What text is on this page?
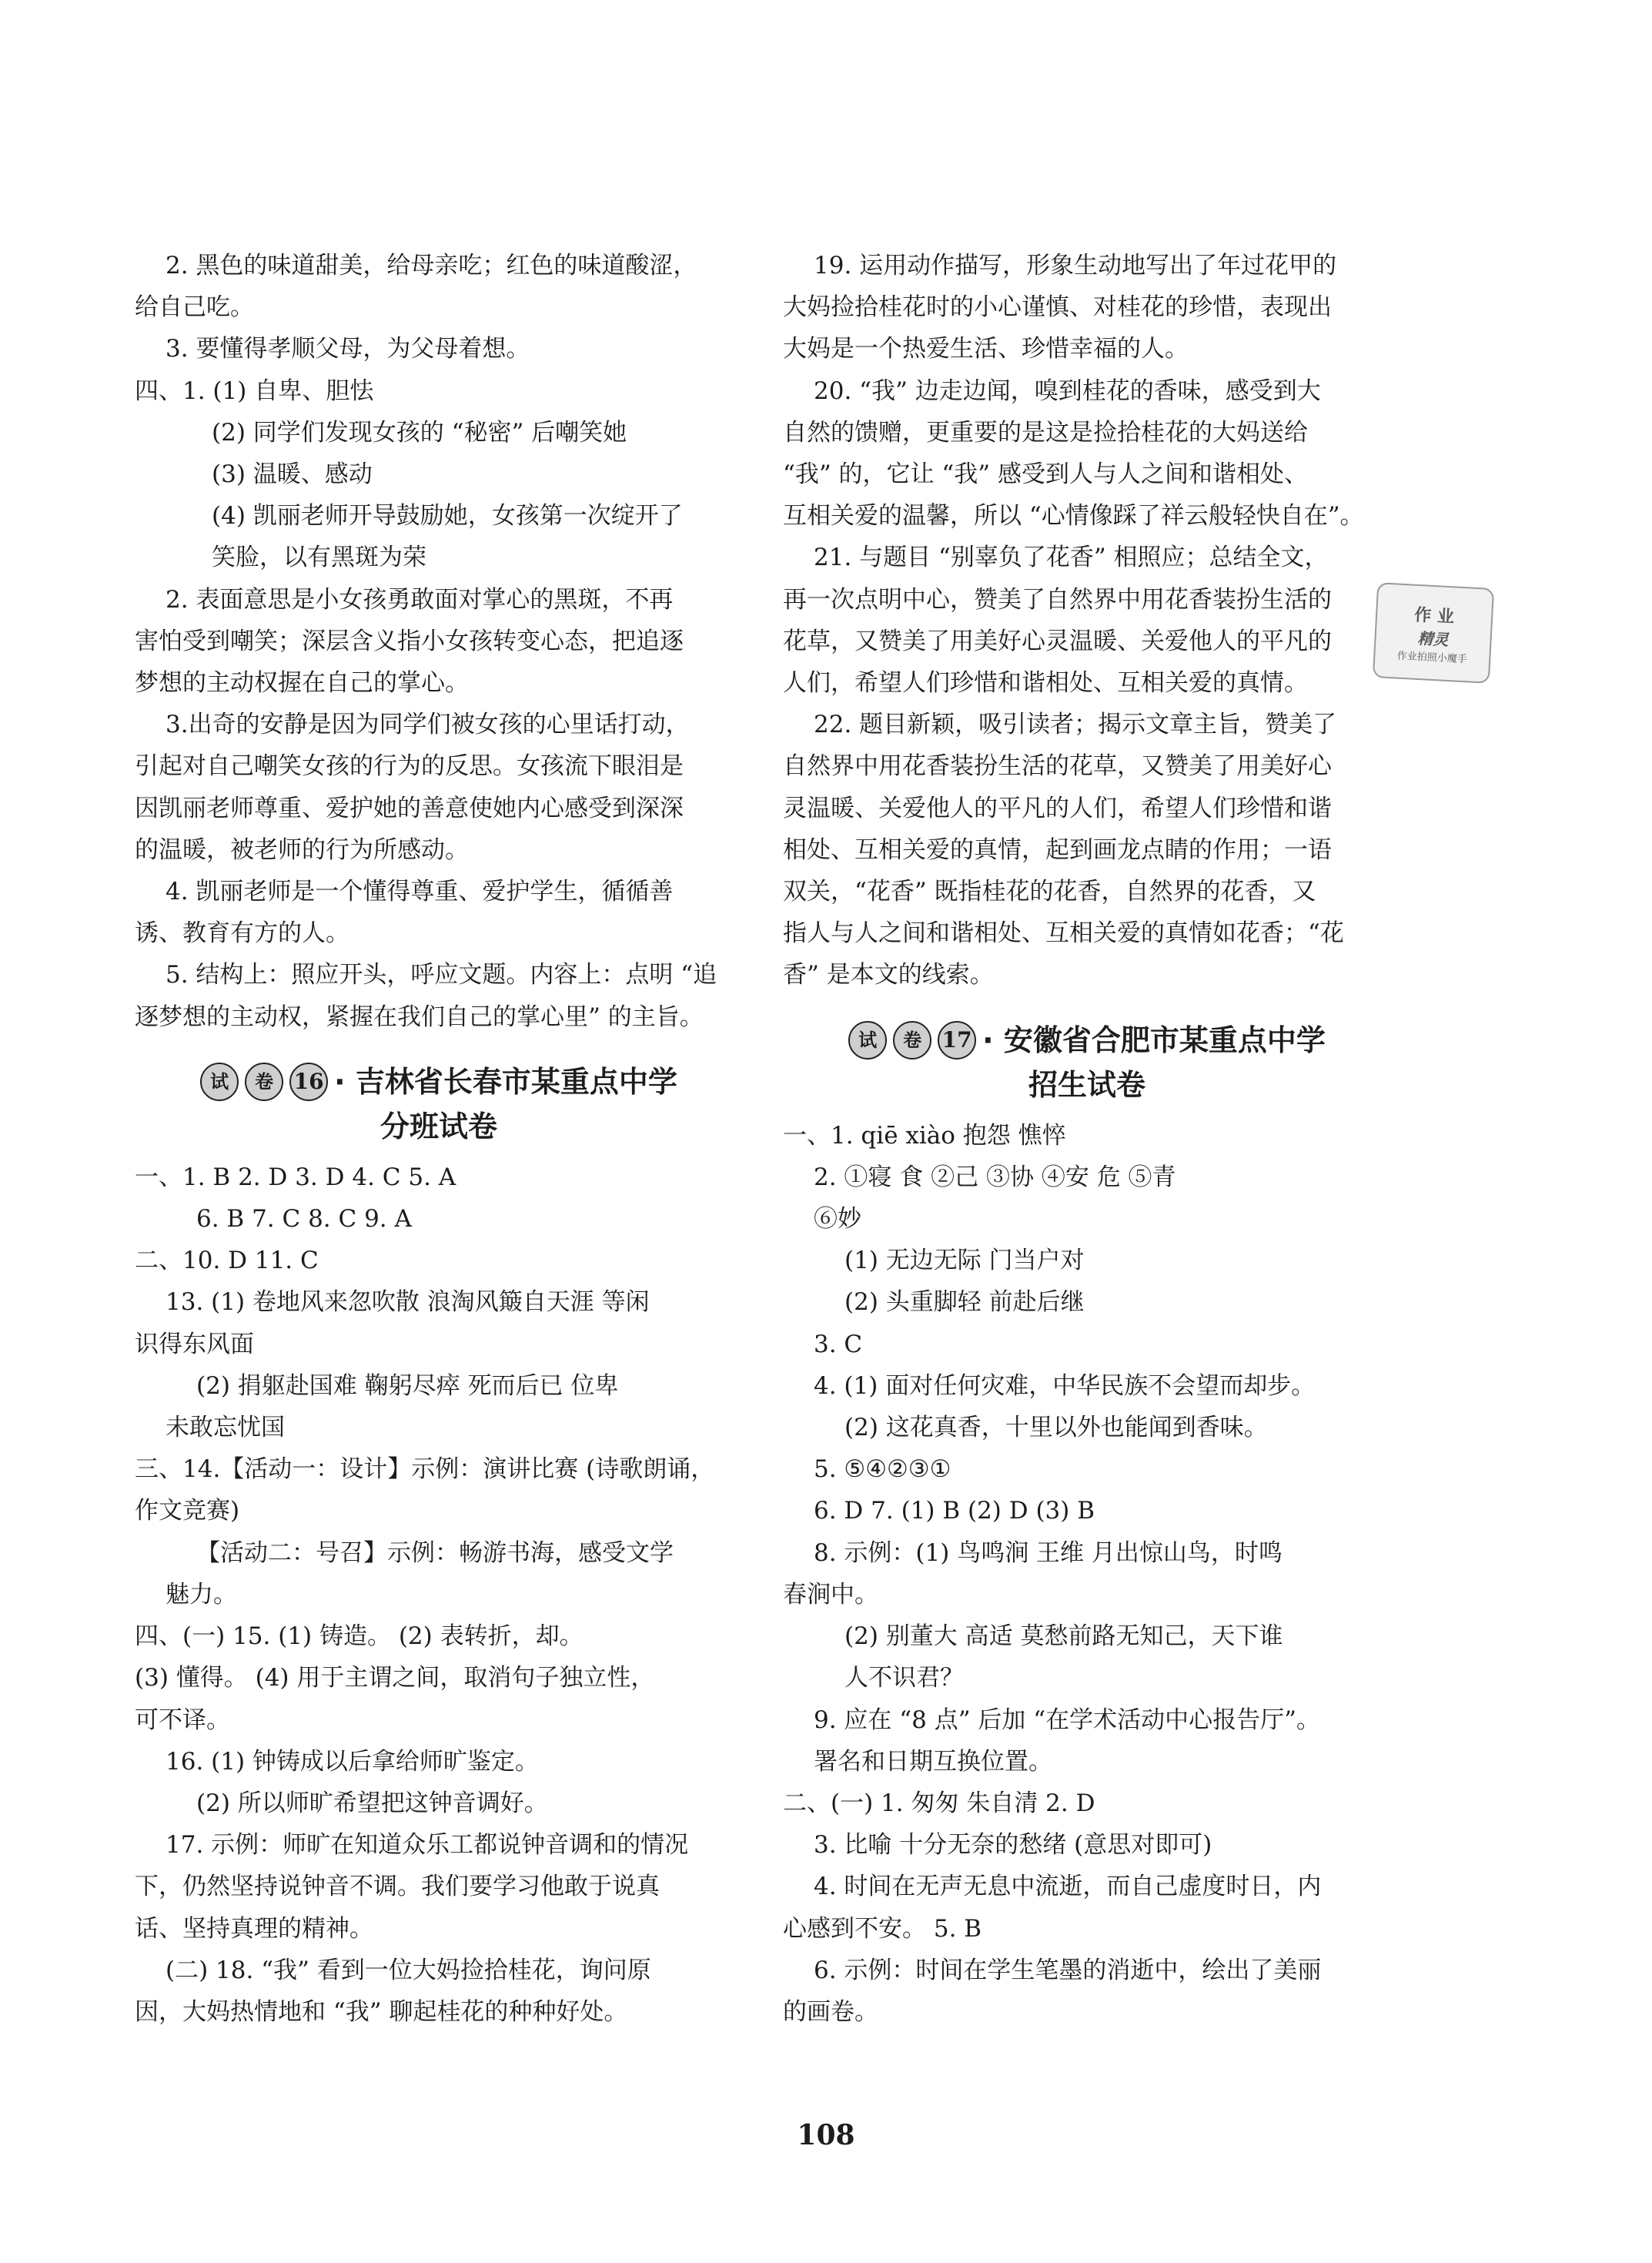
2. 黑色的味道甜美，给母亲吃；红色的味道酸涩，
给自己吃。
3. 要懂得孝顺父母，为父母着想。
四、1. (1) 自卑、胆怯
(2) 同学们发现女孩的 “秘密” 后嘲笑她
(3) 温暖、感动
(4) 凯丽老师开导鼓励她，女孩第一次绽开了
笑脸，以有黑斑为荣
2. 表面意思是小女孩勇敢面对掌心的黑斑，不再
害怕受到嘲笑；深层含义指小女孩转变心态，把追逐
梦想的主动权握在自己的掌心。
3.出奇的安静是因为同学们被女孩的心里话打动，
引起对自己嘲笑女孩的行为的反思。女孩流下眼泪是
因凯丽老师尊重、爱护她的善意使她内心感受到深深
的温暖，被老师的行为所感动。
4. 凯丽老师是一个懂得尊重、爱护学生，循循善
诱、教育有方的人。
5. 结构上：照应开头，呼应文题。内容上：点明 “追
逐梦想的主动权，紧握在我们自己的掌心里” 的主旨。
试	卷 16 · 吉林省长春市某重点中学
分班试卷
一、1. B 2. D 3. D 4. C 5. A
6. B 7. C 8. C 9. A
二、10. D 11. C
13. (1) 卷地风来忽吹散 浪淘风簸自天涯 等闲
识得东风面
(2) 捐躯赴国难 鞠躬尽瘁 死而后已 位卑
未敢忘忧国
三、14.【活动一：设计】示例：演讲比赛 (诗歌朗诵，
作文竞赛)
【活动二：号召】示例：畅游书海，感受文学
魅力。
四、(一) 15. (1) 铸造。 (2) 表转折，却。
(3) 懂得。 (4) 用于主谓之间，取消句子独立性，
可不译。
16. (1) 钟铸成以后拿给师旷鉴定。
(2) 所以师旷希望把这钟音调好。
17. 示例：师旷在知道众乐工都说钟音调和的情况
下，仍然坚持说钟音不调。我们要学习他敢于说真
话、坚持真理的精神。
(二) 18. “我” 看到一位大妈捡拾桂花，询问原
因，大妈热情地和 “我” 聊起桂花的种种好处。
19. 运用动作描写，形象生动地写出了年过花甲的
大妈捡拾桂花时的小心谨慎、对桂花的珍惜，表现出
大妈是一个热爱生活、珍惜幸福的人。
20. “我” 边走边闻，嗅到桂花的香味，感受到大
自然的馈赠，更重要的是这是捡拾桂花的大妈送给
“我” 的，它让 “我” 感受到人与人之间和谐相处、
互相关爱的温馨，所以 “心情像踩了祥云般轻快自在”。
21. 与题目 “别辜负了花香” 相照应；总结全文，
再一次点明中心，赞美了自然界中用花香装扮生活的
花草，又赞美了用美好心灵温暖、关爱他人的平凡的
人们，希望人们珍惜和谐相处、互相关爱的真情。
22. 题目新颖，吸引读者；揭示文章主旨，赞美了
自然界中用花香装扮生活的花草，又赞美了用美好心
灵温暖、关爱他人的平凡的人们，希望人们珍惜和谐
相处、互相关爱的真情，起到画龙点睛的作用；一语
双关，“花香” 既指桂花的花香，自然界的花香，又
指人与人之间和谐相处、互相关爱的真情如花香；“花
香” 是本文的线索。
试	卷 17 · 安徽省合肥市某重点中学
招生试卷
一、1. qiē xiào 抱怨 憔悴
2. ①寝 食 ②己 ③协 ④安 危 ⑤青
⑥妙
(1) 无边无际 门当户对
(2) 头重脚轻 前赴后继
3. C
4. (1) 面对任何灾难，中华民族不会望而却步。
(2) 这花真香，十里以外也能闻到香味。
5. ⑤④②③①
6. D 7. (1) B (2) D (3) B
8. 示例：(1) 鸟鸣涧 王维 月出惊山鸟，时鸣
春涧中。
(2) 别董大 高适 莫愁前路无知己，天下谁
人不识君？
9. 应在 “8 点” 后加 “在学术活动中心报告厅”。
署名和日期互换位置。
二、(一) 1. 匆匆 朱自清 2. D
3. 比喻 十分无奈的愁绪 (意思对即可)
4. 时间在无声无息中流逝，而自己虚度时日，内
心感到不安。 5. B
6. 示例：时间在学生笔墨的消逝中，绘出了美丽
的画卷。
作 业
精灵
作业拍照小魔手
108
